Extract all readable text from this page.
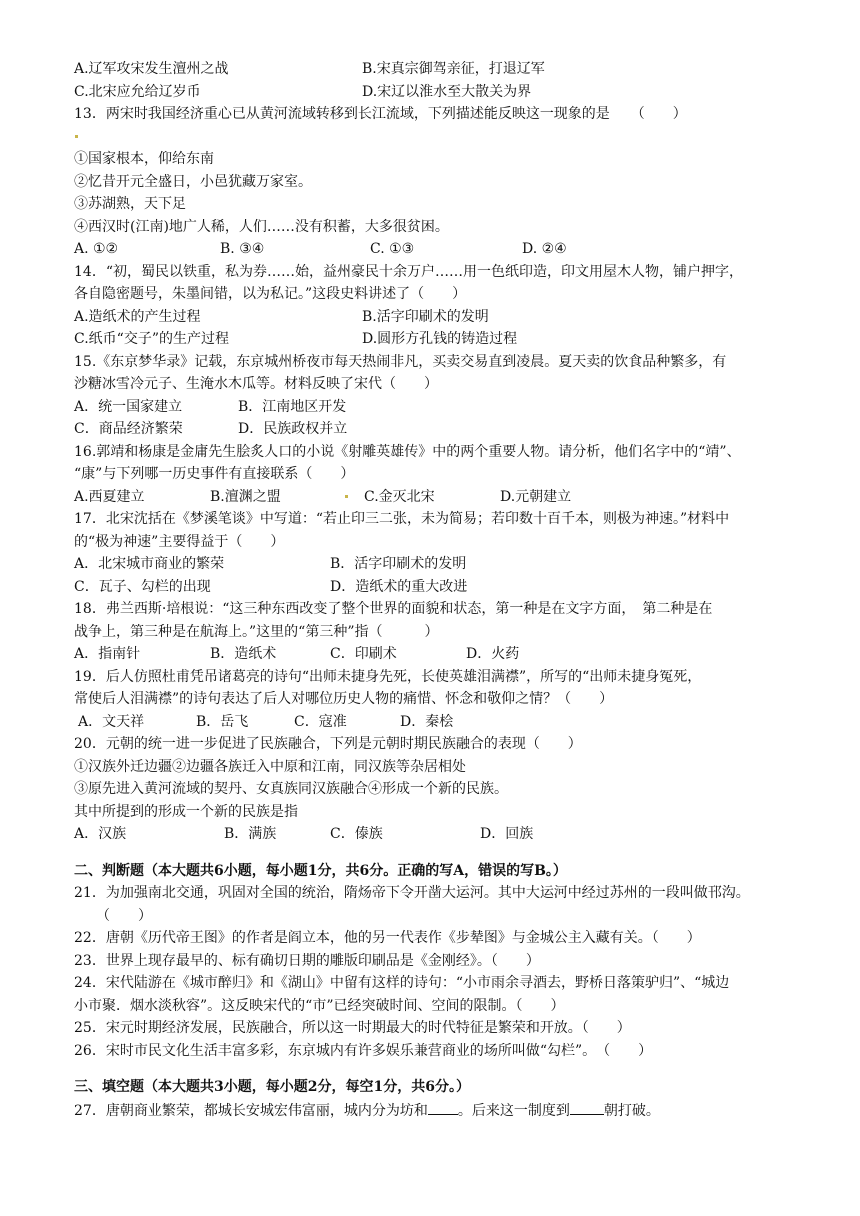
A.辽军攻宋发生澶州之战	B.宋真宗御驾亲征，打退辽军
C.北宋应允给辽岁币	D.宋辽以淮水至大散关为界
13．两宋时我国经济重心已从黄河流域转移到长江流域，下列描述能反映这一现象的是　　（　　）
①国家根本，仰给东南
②忆昔开元全盛日，小邑犹藏万家室。
③苏湖熟，天下足
④西汉时(江南)地广人稀，人们……没有积蓄，大多很贫困。
A. ①②	B. ③④	C. ①③	D. ②④
14．“初，蜀民以铁重，私为券……始，益州豪民十余万户……用一色纸印造，印文用屋木人物，铺户押字，
各自隐密题号，朱墨间错，以为私记。”这段史料讲述了（　　）
A.造纸术的产生过程	B.活字印刷术的发明
C.纸币“交子”的生产过程	D.圆形方孔钱的铸造过程
15.《东京梦华录》记载，东京城州桥夜市每天热闹非凡，买卖交易直到凌晨。夏天卖的饮食品种繁多，有
沙糖冰雪冷元子、生淹水木瓜等。材料反映了宋代（　　）
A．统一国家建立	B．江南地区开发
C．商品经济繁荣	D．民族政权并立
16.郭靖和杨康是金庸先生脍炙人口的小说《射雕英雄传》中的两个重要人物。请分析，他们名字中的“靖”、
“康”与下列哪一历史事件有直接联系（　　）
A.西夏建立	B.澶渊之盟	C.金灭北宋	D.元朝建立
17．北宋沈括在《梦溪笔谈》中写道：“若止印三二张，未为简易；若印数十百千本，则极为神速。”材料中
的“极为神速”主要得益于（　　）
A．北宋城市商业的繁荣	B．活字印刷术的发明
C．瓦子、勾栏的出现	D．造纸术的重大改进
18．弗兰西斯·培根说：“这三种东西改变了整个世界的面貌和状态，第一种是在文字方面，　第二种是在
战争上，第三种是在航海上。”这里的“第三种”指（　　　）
A．指南针	B．造纸术	C．印刷术	D．火药
19．后人仿照杜甫凭吊诸葛亮的诗句“出师未捷身先死，长使英雄泪满襟”，所写的“出师未捷身冤死，
常使后人泪满襟”的诗句表达了后人对哪位历史人物的痛惜、怀念和敬仰之情？（　　）
A．文天祥	B．岳飞	C．寇准	D．秦桧
20．元朝的统一进一步促进了民族融合，下列是元朝时期民族融合的表现（　　）
①汉族外迁边疆②边疆各族迁入中原和江南，同汉族等杂居相处
③原先进入黄河流域的契丹、女真族同汉族融合④形成一个新的民族。
其中所提到的形成一个新的民族是指
A．汉族	B．满族	C．傣族	D．回族
二、判断题（本大题共6小题，每小题1分，共6分。正确的写A，错误的写B。）
21．为加强南北交通，巩固对全国的统治，隋炀帝下令开凿大运河。其中大运河中经过苏州的一段叫做邗沟。
（　　）
22．唐朝《历代帝王图》的作者是阎立本，他的另一代表作《步辇图》与金城公主入藏有关。（　　）
23．世界上现存最早的、标有确切日期的雕版印刷品是《金刚经》。（　　）
24．宋代陆游在《城市醉归》和《湖山》中留有这样的诗句：“小市雨余寻酒去，野桥日落策驴归”、“城边
小市聚．烟水淡秋容”。这反映宋代的“市”已经突破时间、空间的限制。（　　）
25．宋元时期经济发展，民族融合，所以这一时期最大的时代特征是繁荣和开放。（　　）
26．宋时市民文化生活丰富多彩，东京城内有许多娱乐兼营商业的场所叫做“勾栏”。　（　　）
三、填空题（本大题共3小题，每小题2分，每空1分，共6分。）
27．唐朝商业繁荣，都城长安城宏伟富丽，城内分为坊和 。后来这一制度到 朝打破。
